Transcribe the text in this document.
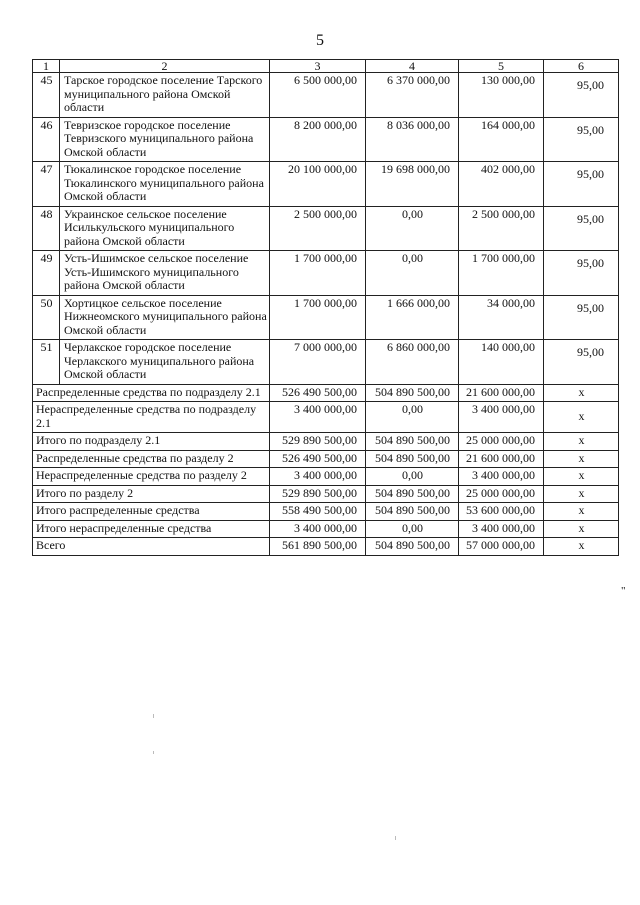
5
1	2	3	4	5	6
45	Тарское городское поселение Тарского муниципального района Омской области	6 500 000,00	6 370 000,00	130 000,00	95,00
46	Тевризское городское поселение Тевризского муниципального района Омской области	8 200 000,00	8 036 000,00	164 000,00	95,00
47	Тюкалинское городское поселение Тюкалинского муниципального района Омской области	20 100 000,00	19 698 000,00	402 000,00	95,00
48	Украинское сельское поселение Исилькульского муниципального района Омской области	2 500 000,00	0,00	2 500 000,00	95,00
49	Усть-Ишимское сельское поселение Усть-Ишимского муниципального района Омской области	1 700 000,00	0,00	1 700 000,00	95,00
50	Хортицкое сельское поселение Нижнеомского муниципального района Омской области	1 700 000,00	1 666 000,00	34 000,00	95,00
51	Черлакское городское поселение Черлакского муниципального района Омской области	7 000 000,00	6 860 000,00	140 000,00	95,00
Распределенные средства по подразделу 2.1		526 490 500,00	504 890 500,00	21 600 000,00	х
Нераспределенные средства по подразделу 2.1		3 400 000,00	0,00	3 400 000,00	х
Итого по подразделу 2.1		529 890 500,00	504 890 500,00	25 000 000,00	х
Распределенные средства по разделу 2		526 490 500,00	504 890 500,00	21 600 000,00	х
Нераспределенные средства по разделу 2		3 400 000,00	0,00	3 400 000,00	х
Итого по разделу 2		529 890 500,00	504 890 500,00	25 000 000,00	х
Итого распределенные средства		558 490 500,00	504 890 500,00	53 600 000,00	х
Итого нераспределенные средства		3 400 000,00	0,00	3 400 000,00	х
Всего		561 890 500,00	504 890 500,00	57 000 000,00	х
"
